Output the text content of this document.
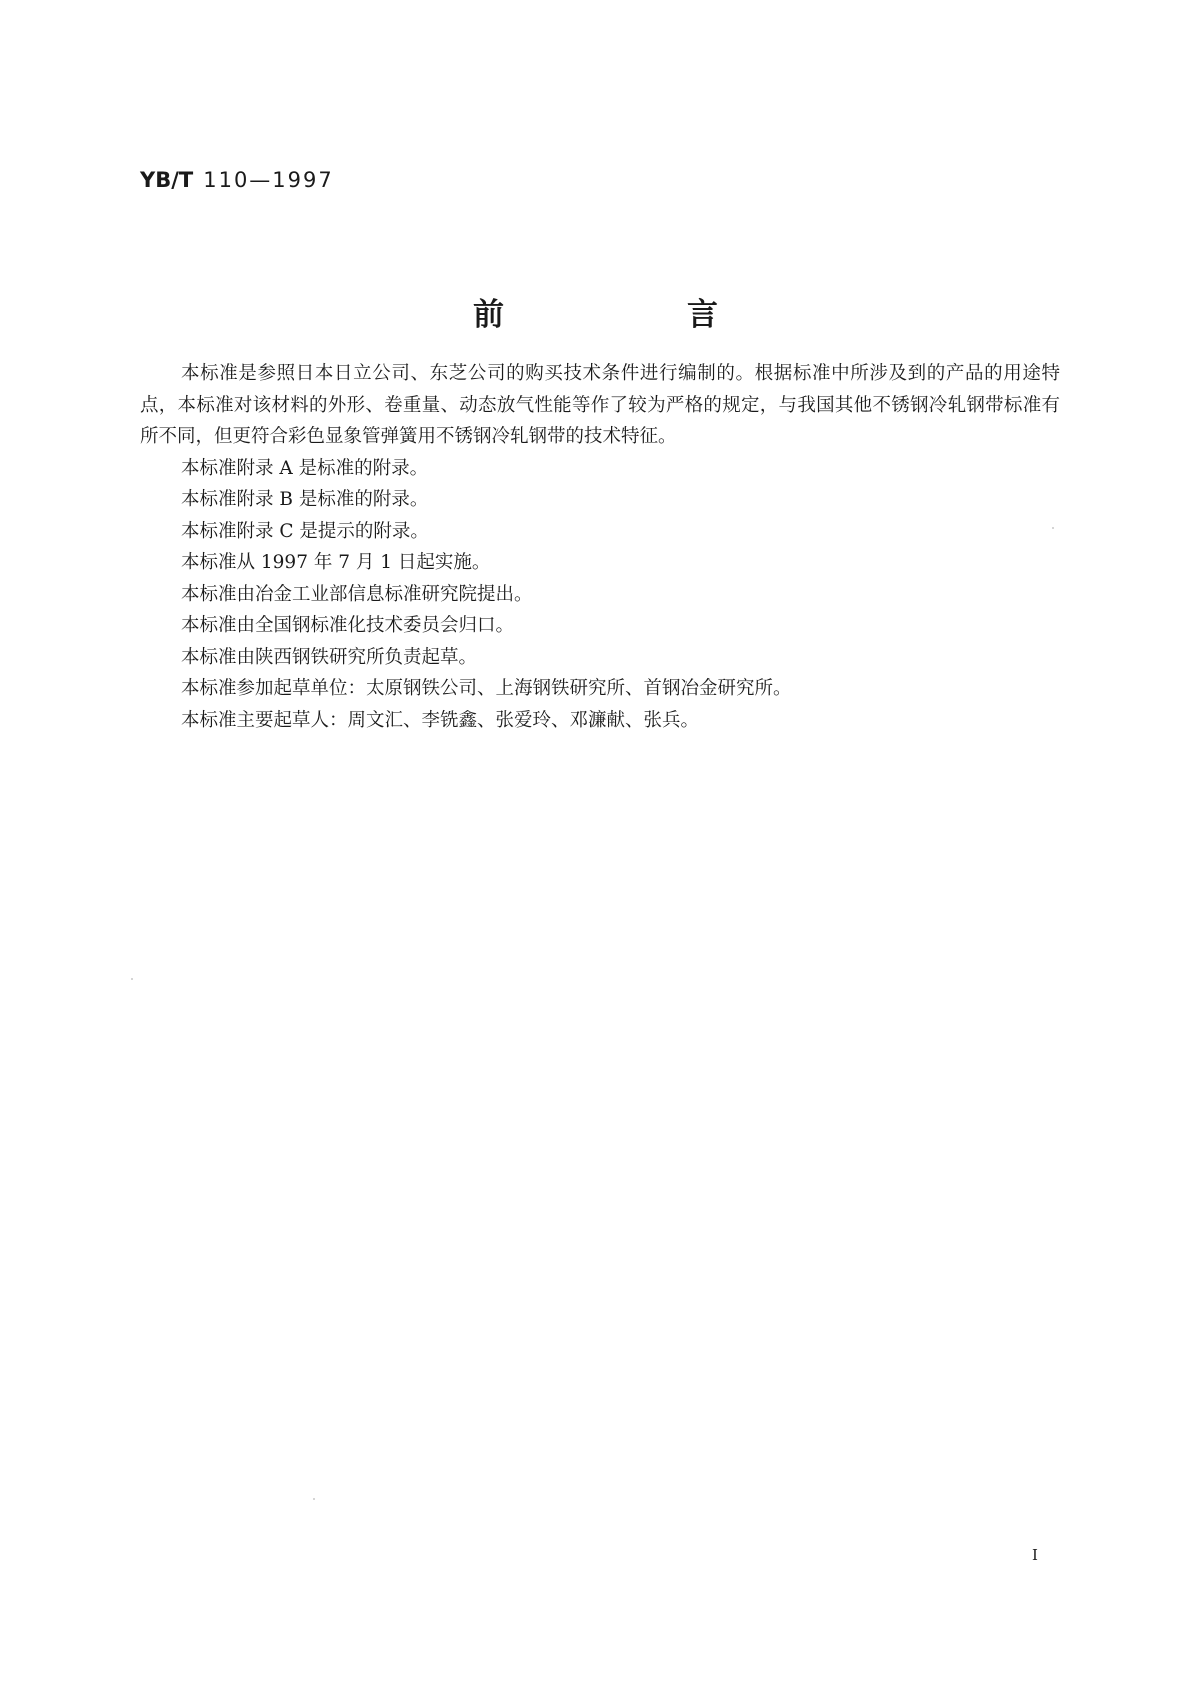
YB/T 110—1997
前　言

本标准是参照日本日立公司、东芝公司的购买技术条件进行编制的。根据标准中所涉及到的产品的用途特点，本标准对该材料的外形、卷重量、动态放气性能等作了较为严格的规定，与我国其他不锈钢冷轧钢带标准有所不同，但更符合彩色显象管弹簧用不锈钢冷轧钢带的技术特征。

本标准附录 A 是标准的附录。

本标准附录 B 是标准的附录。

本标准附录 C 是提示的附录。

本标准从 1997 年 7 月 1 日起实施。

本标准由冶金工业部信息标准研究院提出。

本标准由全国钢标准化技术委员会归口。

本标准由陕西钢铁研究所负责起草。

本标准参加起草单位：太原钢铁公司、上海钢铁研究所、首钢冶金研究所。

本标准主要起草人：周文汇、李铣鑫、张爱玲、邓濂献、张兵。

I
